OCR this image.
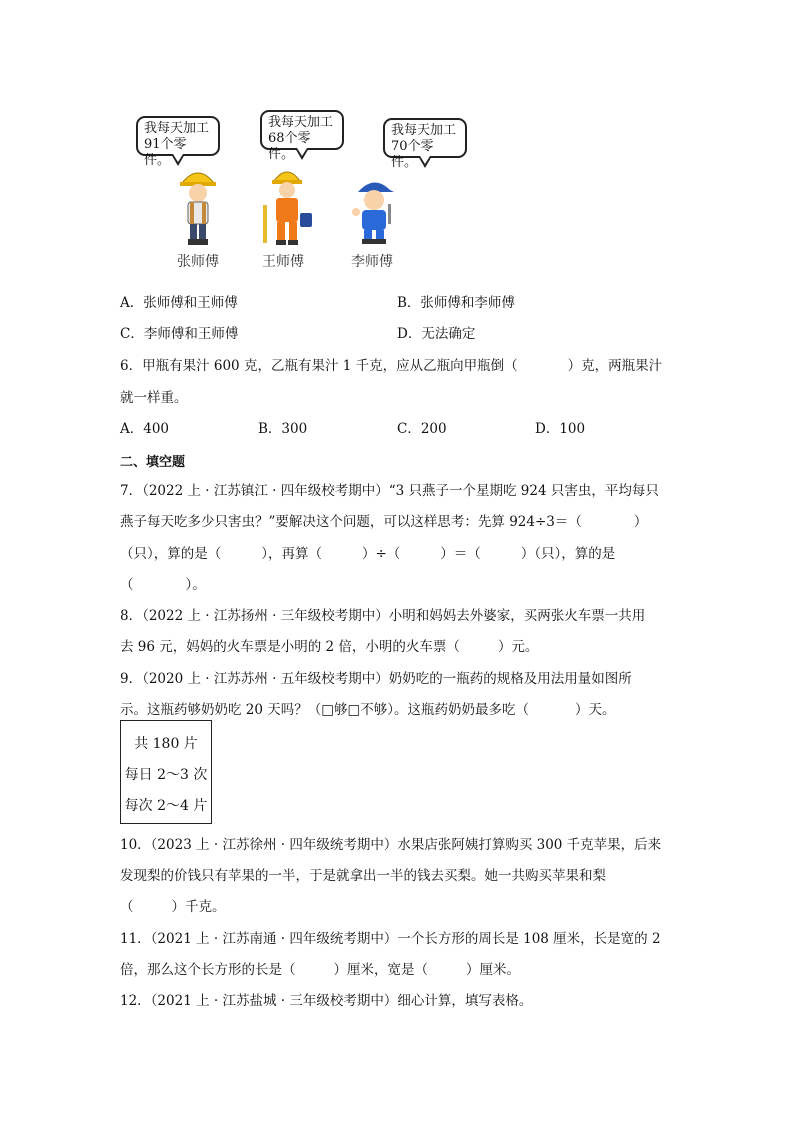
我每天加工
91个零件。
我每天加工
68个零件。
我每天加工
70个零件。
张师傅	王师傅	李师傅
A．张师傅和王师傅	B．张师傅和李师傅
C．李师傅和王师傅	D．无法确定
6．甲瓶有果汁 600 克，乙瓶有果汁 1 千克，应从乙瓶向甲瓶倒（	）克，两瓶果汁
就一样重。
A．400	B．300	C．200	D．100
二、填空题
7．（2022 上 · 江苏镇江 · 四年级校考期中）“3 只燕子一个星期吃 924 只害虫，平均每只
燕子每天吃多少只害虫？”要解决这个问题，可以这样思考：先算 924÷3＝（	）
（只），算的是（	），再算（	）÷（	）＝（	）（只），算的是
（	）。
8．（2022 上 · 江苏扬州 · 三年级校考期中）小明和妈妈去外婆家，买两张火车票一共用
去 96 元，妈妈的火车票是小明的 2 倍，小明的火车票（	）元。
9．（2020 上 · 江苏苏州 · 五年级校考期中）奶奶吃的一瓶药的规格及用法用量如图所
示。这瓶药够奶奶吃 20 天吗？（□够□不够）。这瓶药奶奶最多吃（	）天。
共 180 片
每日 2～3 次
每次 2～4 片
10．（2023 上 · 江苏徐州 · 四年级统考期中）水果店张阿姨打算购买 300 千克苹果，后来
发现梨的价钱只有苹果的一半，于是就拿出一半的钱去买梨。她一共购买苹果和梨
（	）千克。
11．（2021 上 · 江苏南通 · 四年级统考期中）一个长方形的周长是 108 厘米，长是宽的 2
倍，那么这个长方形的长是（	）厘米，宽是（	）厘米。
12．（2021 上 · 江苏盐城 · 三年级校考期中）细心计算，填写表格。
